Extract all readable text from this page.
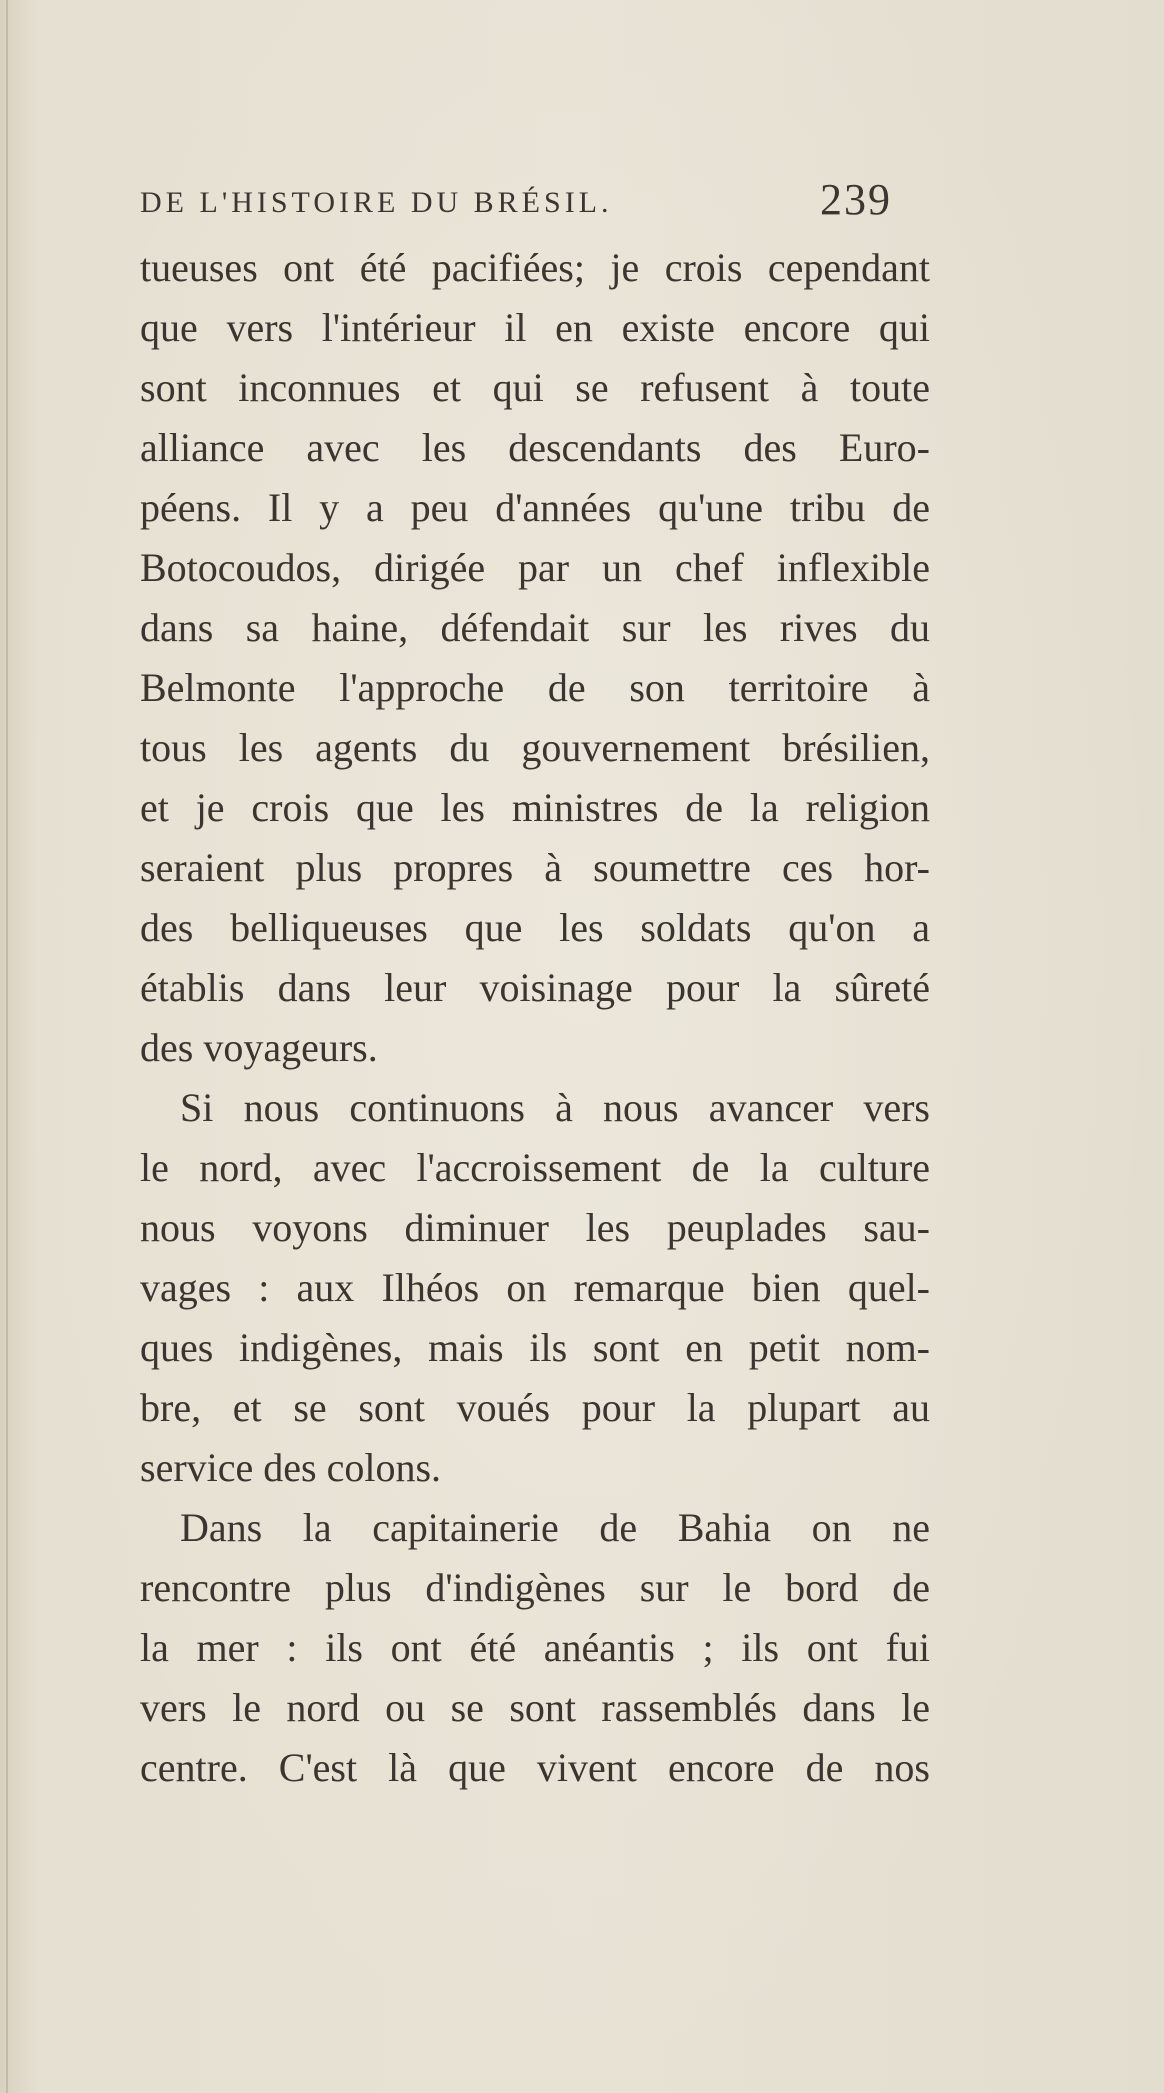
DE L'HISTOIRE DU BRÉSIL.	239
tueuses ont été pacifiées; je crois cependant
que vers l'intérieur il en existe encore qui
sont inconnues et qui se refusent à toute
alliance avec les descendants des Euro-
péens. Il y a peu d'années qu'une tribu de
Botocoudos, dirigée par un chef inflexible
dans sa haine, défendait sur les rives du
Belmonte l'approche de son territoire à
tous les agents du gouvernement brésilien,
et je crois que les ministres de la religion
seraient plus propres à soumettre ces hor-
des belliqueuses que les soldats qu'on a
établis dans leur voisinage pour la sûreté
des voyageurs.
Si nous continuons à nous avancer vers
le nord, avec l'accroissement de la culture
nous voyons diminuer les peuplades sau-
vages : aux Ilhéos on remarque bien quel-
ques indigènes, mais ils sont en petit nom-
bre, et se sont voués pour la plupart au
service des colons.
Dans la capitainerie de Bahia on ne
rencontre plus d'indigènes sur le bord de
la mer : ils ont été anéantis ; ils ont fui
vers le nord ou se sont rassemblés dans le
centre. C'est là que vivent encore de nos
